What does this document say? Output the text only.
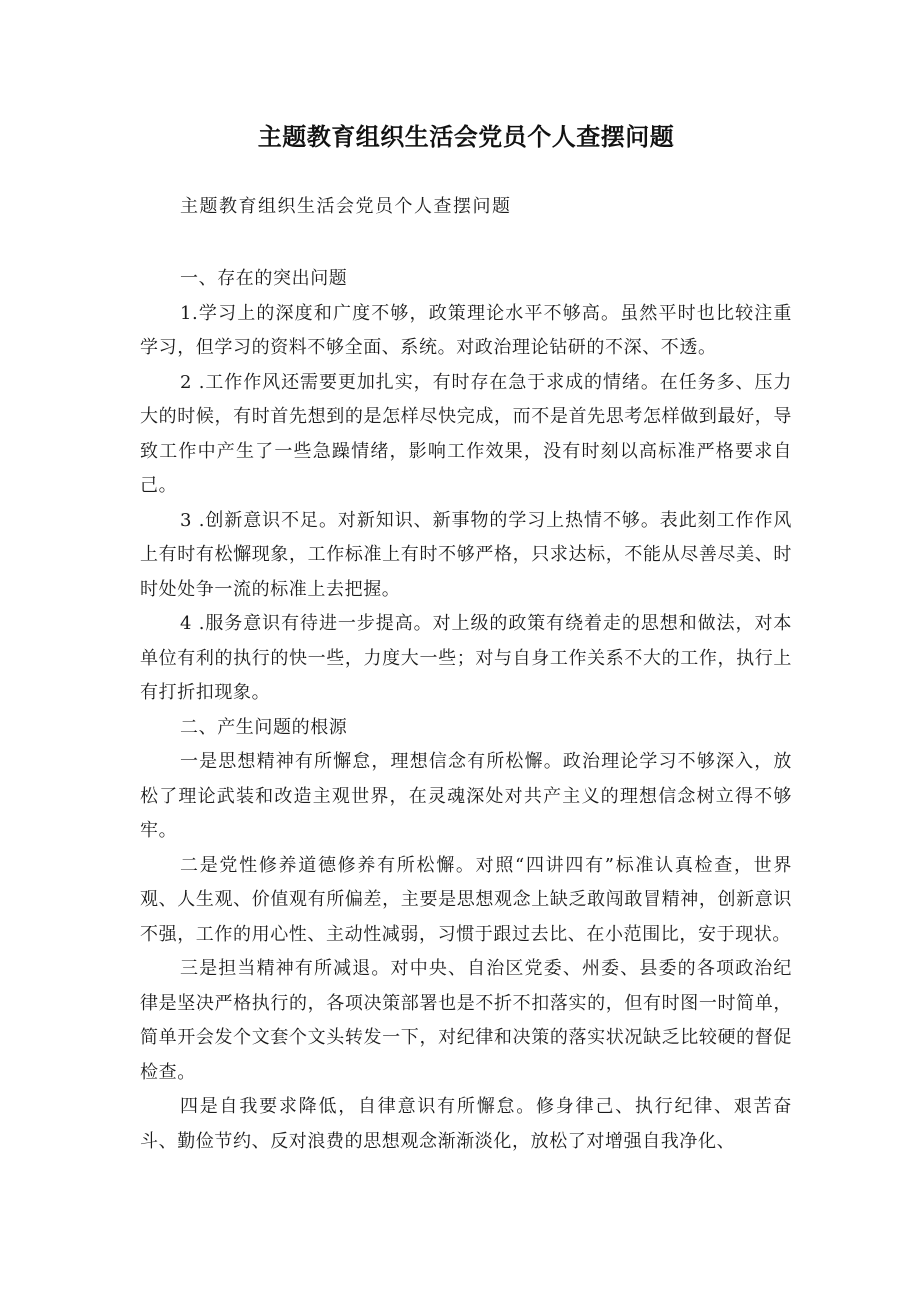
主题教育组织生活会党员个人查摆问题

主题教育组织生活会党员个人查摆问题

一、存在的突出问题

1.学习上的深度和广度不够，政策理论水平不够高。虽然平时也比较注重学习，但学习的资料不够全面、系统。对政治理论钻研的不深、不透。

2 .工作作风还需要更加扎实，有时存在急于求成的情绪。在任务多、压力大的时候，有时首先想到的是怎样尽快完成，而不是首先思考怎样做到最好，导致工作中产生了一些急躁情绪，影响工作效果，没有时刻以高标准严格要求自己。

3 .创新意识不足。对新知识、新事物的学习上热情不够。表此刻工作作风上有时有松懈现象，工作标准上有时不够严格，只求达标，不能从尽善尽美、时时处处争一流的标准上去把握。

4 .服务意识有待进一步提高。对上级的政策有绕着走的思想和做法，对本单位有利的执行的快一些，力度大一些；对与自身工作关系不大的工作，执行上有打折扣现象。

二、产生问题的根源

一是思想精神有所懈怠，理想信念有所松懈。政治理论学习不够深入，放松了理论武装和改造主观世界，在灵魂深处对共产主义的理想信念树立得不够牢。

二是党性修养道德修养有所松懈。对照“四讲四有”标准认真检查，世界观、人生观、价值观有所偏差，主要是思想观念上缺乏敢闯敢冒精神，创新意识不强，工作的用心性、主动性减弱，习惯于跟过去比、在小范围比，安于现状。

三是担当精神有所减退。对中央、自治区党委、州委、县委的各项政治纪律是坚决严格执行的，各项决策部署也是不折不扣落实的，但有时图一时简单，简单开会发个文套个文头转发一下，对纪律和决策的落实状况缺乏比较硬的督促检查。

四是自我要求降低，自律意识有所懈怠。修身律己、执行纪律、艰苦奋斗、勤俭节约、反对浪费的思想观念渐渐淡化，放松了对增强自我净化、
